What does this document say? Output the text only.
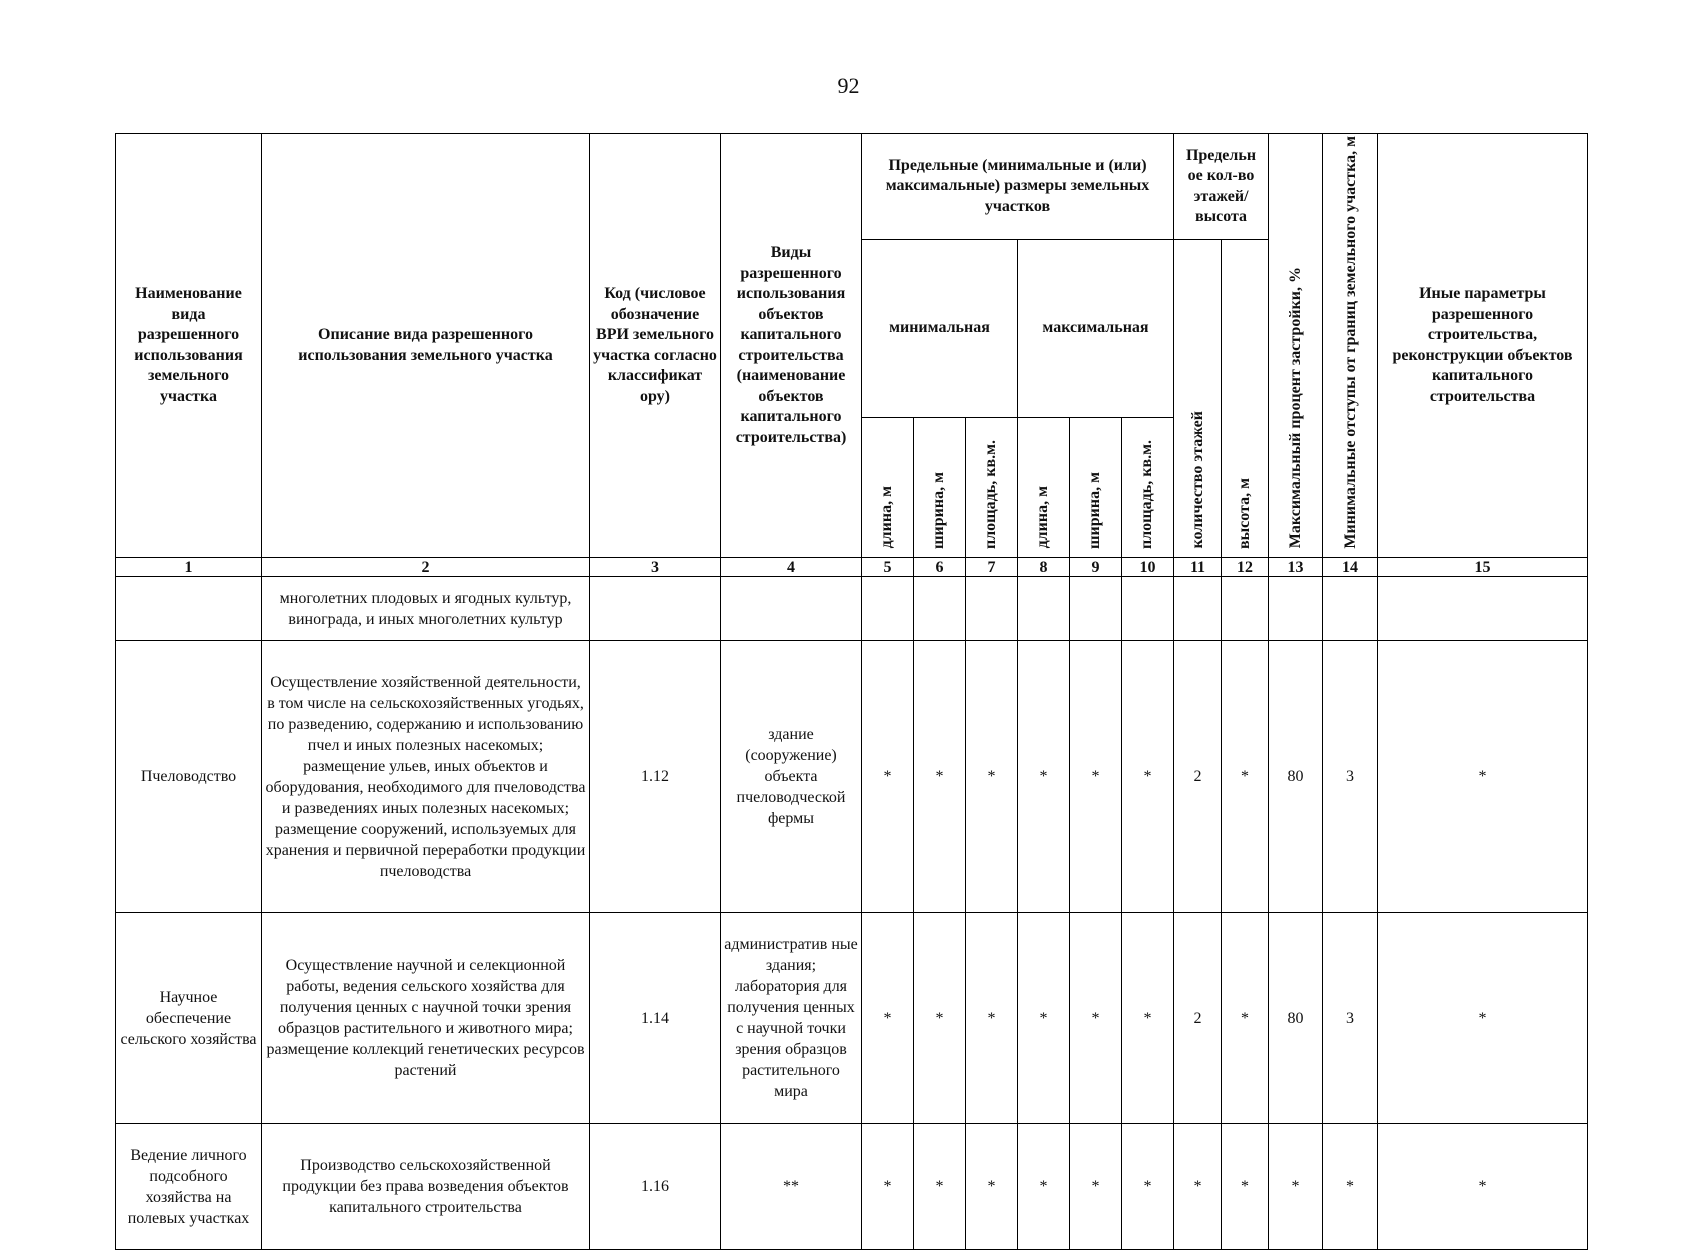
92
Наименование вида разрешенного использования земельного участка	Описание вида разрешенного использования земельного участка	Код (числовое обозначение ВРИ земельного участка согласно классификат ору)	Виды разрешенного использования объектов капитального строительства (наименование объектов капитального строительства)	Предельные (минимальные и (или) максимальные) размеры земельных участков						Предельн ое кол-во этажей/ высота		Максимальный процент застройки, %	Минимальные отступы от границ земельного участка, м	Иные параметры разрешенного строительства, реконструкции объектов капитального строительства
				минимальная			максимальная			количество этажей	высота, м			
				длина, м	ширина, м	площадь, кв.м.	длина, м	ширина, м	площадь, кв.м.					
1	2	3	4	5	6	7	8	9	10	11	12	13	14	15
	многолетних плодовых и ягодных культур, винограда, и иных многолетних культур													
Пчеловодство	Осуществление хозяйственной деятельности, в том числе на сельскохозяйственных угодьях, по разведению, содержанию и использованию пчел и иных полезных насекомых; размещение ульев, иных объектов и оборудования, необходимого для пчеловодства и разведениях иных полезных насекомых; размещение сооружений, используемых для хранения и первичной переработки продукции пчеловодства	1.12	здание (сооружение) объекта пчеловодческой фермы	*	*	*	*	*	*	2	*	80	3	*
Научное обеспечение сельского хозяйства	Осуществление научной и селекционной работы, ведения сельского хозяйства для получения ценных с научной точки зрения образцов растительного и животного мира; размещение коллекций генетических ресурсов растений	1.14	административ ные здания; лаборатория для получения ценных с научной точки зрения образцов растительного мира	*	*	*	*	*	*	2	*	80	3	*
Ведение личного подсобного хозяйства на полевых участках	Производство сельскохозяйственной продукции без права возведения объектов капитального строительства	1.16	**	*	*	*	*	*	*	*	*	*	*	*
